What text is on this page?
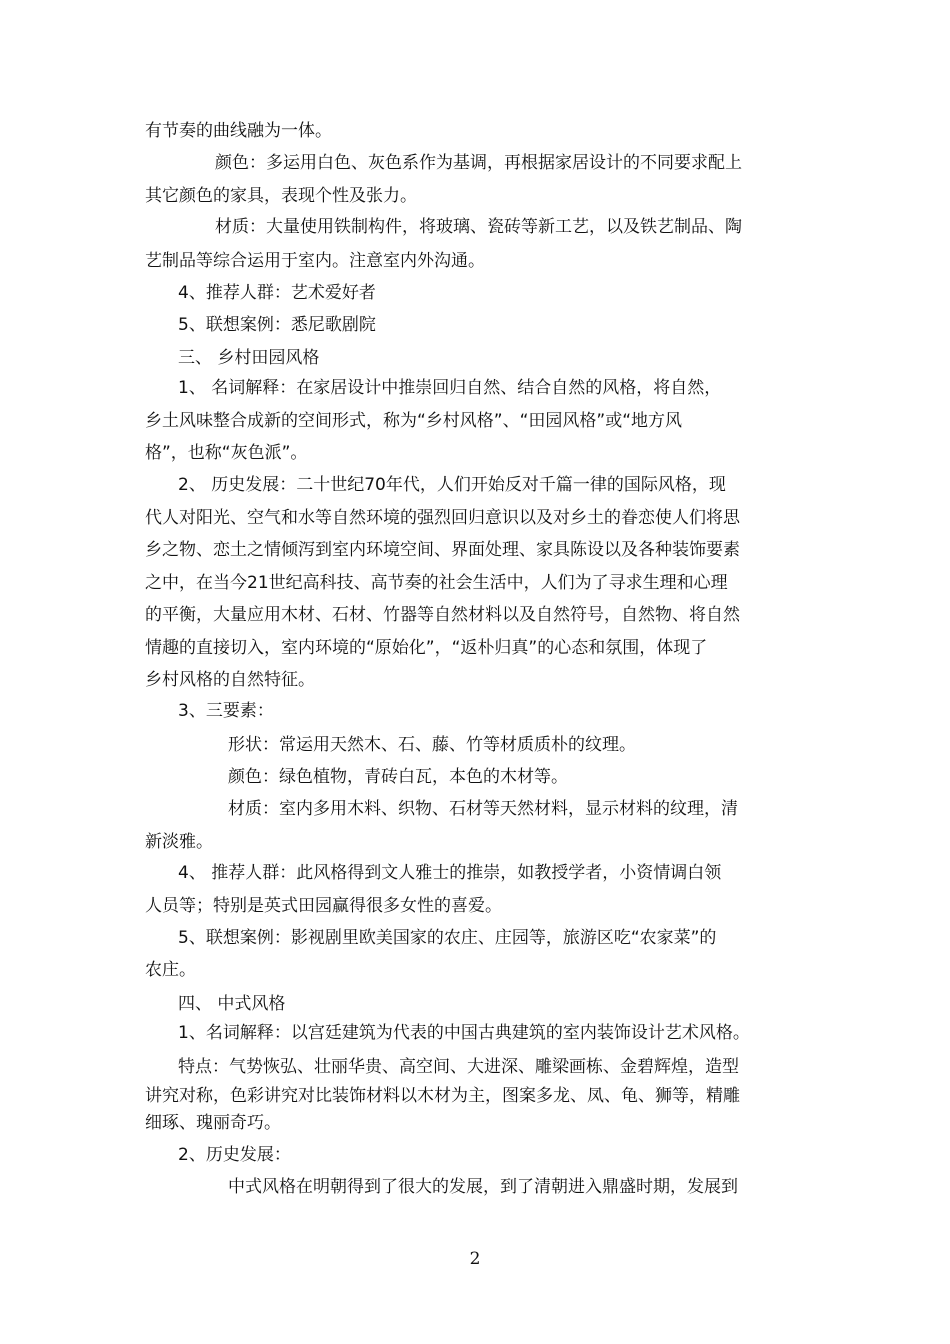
有节奏的曲线融为一体。
颜色：多运用白色、灰色系作为基调，再根据家居设计的不同要求配上
其它颜色的家具，表现个性及张力。
材质：大量使用铁制构件，将玻璃、瓷砖等新工艺，以及铁艺制品、陶
艺制品等综合运用于室内。注意室内外沟通。
4、推荐人群：艺术爱好者
5、联想案例：悉尼歌剧院
三、 乡村田园风格
1、 名词解释：在家居设计中推崇回归自然、结合自然的风格，将自然，
乡土风味整合成新的空间形式，称为“乡村风格”、“田园风格”或“地方风
格”，也称“灰色派”。
2、 历史发展：二十世纪70年代，人们开始反对千篇一律的国际风格，现
代人对阳光、空气和水等自然环境的强烈回归意识以及对乡土的眷恋使人们将思
乡之物、恋土之情倾泻到室内环境空间、界面处理、家具陈设以及各种装饰要素
之中，在当今21世纪高科技、高节奏的社会生活中，人们为了寻求生理和心理
的平衡，大量应用木材、石材、竹器等自然材料以及自然符号，自然物、将自然
情趣的直接切入，室内环境的“原始化”，“返朴归真”的心态和氛围，体现了
乡村风格的自然特征。
3、三要素：
形状：常运用天然木、石、藤、竹等材质质朴的纹理。
颜色：绿色植物，青砖白瓦，本色的木材等。
材质：室内多用木料、织物、石材等天然材料，显示材料的纹理，清
新淡雅。
4、 推荐人群：此风格得到文人雅士的推崇，如教授学者，小资情调白领
人员等；特别是英式田园赢得很多女性的喜爱。
5、联想案例：影视剧里欧美国家的农庄、庄园等，旅游区吃“农家菜”的
农庄。
四、 中式风格
1、名词解释：以宫廷建筑为代表的中国古典建筑的室内装饰设计艺术风格。
特点：气势恢弘、壮丽华贵、高空间、大进深、雕梁画栋、金碧辉煌，造型
讲究对称，色彩讲究对比装饰材料以木材为主，图案多龙、凤、龟、狮等，精雕
细琢、瑰丽奇巧。
2、历史发展：
中式风格在明朝得到了很大的发展，到了清朝进入鼎盛时期，发展到
2
